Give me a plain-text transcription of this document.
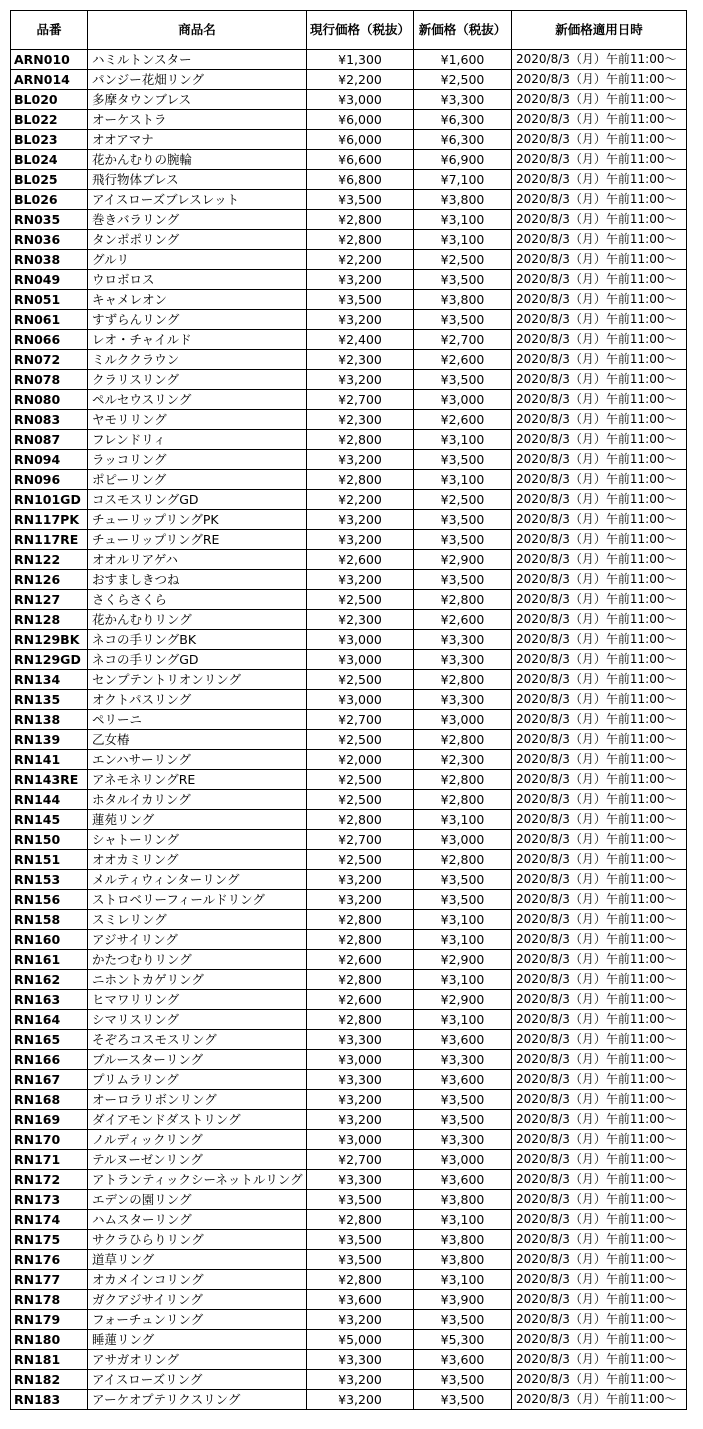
品番	商品名	現行価格（税抜）	新価格（税抜）	新価格適用日時
ARN010	ハミルトンスター	¥1,300	¥1,600	2020/8/3（月）午前11:00～
ARN014	パンジー花畑リング	¥2,200	¥2,500	2020/8/3（月）午前11:00～
BL020	多摩タウンブレス	¥3,000	¥3,300	2020/8/3（月）午前11:00～
BL022	オーケストラ	¥6,000	¥6,300	2020/8/3（月）午前11:00～
BL023	オオアマナ	¥6,000	¥6,300	2020/8/3（月）午前11:00～
BL024	花かんむりの腕輪	¥6,600	¥6,900	2020/8/3（月）午前11:00～
BL025	飛行物体ブレス	¥6,800	¥7,100	2020/8/3（月）午前11:00～
BL026	アイスローズブレスレット	¥3,500	¥3,800	2020/8/3（月）午前11:00～
RN035	巻きバラリング	¥2,800	¥3,100	2020/8/3（月）午前11:00～
RN036	タンポポリング	¥2,800	¥3,100	2020/8/3（月）午前11:00～
RN038	グルリ	¥2,200	¥2,500	2020/8/3（月）午前11:00～
RN049	ウロボロス	¥3,200	¥3,500	2020/8/3（月）午前11:00～
RN051	キャメレオン	¥3,500	¥3,800	2020/8/3（月）午前11:00～
RN061	すずらんリング	¥3,200	¥3,500	2020/8/3（月）午前11:00～
RN066	レオ・チャイルド	¥2,400	¥2,700	2020/8/3（月）午前11:00～
RN072	ミルククラウン	¥2,300	¥2,600	2020/8/3（月）午前11:00～
RN078	クラリスリング	¥3,200	¥3,500	2020/8/3（月）午前11:00～
RN080	ペルセウスリング	¥2,700	¥3,000	2020/8/3（月）午前11:00～
RN083	ヤモリリング	¥2,300	¥2,600	2020/8/3（月）午前11:00～
RN087	フレンドリィ	¥2,800	¥3,100	2020/8/3（月）午前11:00～
RN094	ラッコリング	¥3,200	¥3,500	2020/8/3（月）午前11:00～
RN096	ポピーリング	¥2,800	¥3,100	2020/8/3（月）午前11:00～
RN101GD	コスモスリングGD	¥2,200	¥2,500	2020/8/3（月）午前11:00～
RN117PK	チューリップリングPK	¥3,200	¥3,500	2020/8/3（月）午前11:00～
RN117RE	チューリップリングRE	¥3,200	¥3,500	2020/8/3（月）午前11:00～
RN122	オオルリアゲハ	¥2,600	¥2,900	2020/8/3（月）午前11:00～
RN126	おすましきつね	¥3,200	¥3,500	2020/8/3（月）午前11:00～
RN127	さくらさくら	¥2,500	¥2,800	2020/8/3（月）午前11:00～
RN128	花かんむりリング	¥2,300	¥2,600	2020/8/3（月）午前11:00～
RN129BK	ネコの手リングBK	¥3,000	¥3,300	2020/8/3（月）午前11:00～
RN129GD	ネコの手リングGD	¥3,000	¥3,300	2020/8/3（月）午前11:00～
RN134	センプテントリオンリング	¥2,500	¥2,800	2020/8/3（月）午前11:00～
RN135	オクトパスリング	¥3,000	¥3,300	2020/8/3（月）午前11:00～
RN138	ペリーニ	¥2,700	¥3,000	2020/8/3（月）午前11:00～
RN139	乙女椿	¥2,500	¥2,800	2020/8/3（月）午前11:00～
RN141	エンハサーリング	¥2,000	¥2,300	2020/8/3（月）午前11:00～
RN143RE	アネモネリングRE	¥2,500	¥2,800	2020/8/3（月）午前11:00～
RN144	ホタルイカリング	¥2,500	¥2,800	2020/8/3（月）午前11:00～
RN145	蓮苑リング	¥2,800	¥3,100	2020/8/3（月）午前11:00～
RN150	シャトーリング	¥2,700	¥3,000	2020/8/3（月）午前11:00～
RN151	オオカミリング	¥2,500	¥2,800	2020/8/3（月）午前11:00～
RN153	メルティウィンターリング	¥3,200	¥3,500	2020/8/3（月）午前11:00～
RN156	ストロベリーフィールドリング	¥3,200	¥3,500	2020/8/3（月）午前11:00～
RN158	スミレリング	¥2,800	¥3,100	2020/8/3（月）午前11:00～
RN160	アジサイリング	¥2,800	¥3,100	2020/8/3（月）午前11:00～
RN161	かたつむりリング	¥2,600	¥2,900	2020/8/3（月）午前11:00～
RN162	ニホントカゲリング	¥2,800	¥3,100	2020/8/3（月）午前11:00～
RN163	ヒマワリリング	¥2,600	¥2,900	2020/8/3（月）午前11:00～
RN164	シマリスリング	¥2,800	¥3,100	2020/8/3（月）午前11:00～
RN165	そぞろコスモスリング	¥3,300	¥3,600	2020/8/3（月）午前11:00～
RN166	ブルースターリング	¥3,000	¥3,300	2020/8/3（月）午前11:00～
RN167	プリムラリング	¥3,300	¥3,600	2020/8/3（月）午前11:00～
RN168	オーロラリボンリング	¥3,200	¥3,500	2020/8/3（月）午前11:00～
RN169	ダイアモンドダストリング	¥3,200	¥3,500	2020/8/3（月）午前11:00～
RN170	ノルディックリング	¥3,000	¥3,300	2020/8/3（月）午前11:00～
RN171	テルヌーゼンリング	¥2,700	¥3,000	2020/8/3（月）午前11:00～
RN172	アトランティックシーネットルリング	¥3,300	¥3,600	2020/8/3（月）午前11:00～
RN173	エデンの園リング	¥3,500	¥3,800	2020/8/3（月）午前11:00～
RN174	ハムスターリング	¥2,800	¥3,100	2020/8/3（月）午前11:00～
RN175	サクラひらりリング	¥3,500	¥3,800	2020/8/3（月）午前11:00～
RN176	道草リング	¥3,500	¥3,800	2020/8/3（月）午前11:00～
RN177	オカメインコリング	¥2,800	¥3,100	2020/8/3（月）午前11:00～
RN178	ガクアジサイリング	¥3,600	¥3,900	2020/8/3（月）午前11:00～
RN179	フォーチュンリング	¥3,200	¥3,500	2020/8/3（月）午前11:00～
RN180	睡蓮リング	¥5,000	¥5,300	2020/8/3（月）午前11:00～
RN181	アサガオリング	¥3,300	¥3,600	2020/8/3（月）午前11:00～
RN182	アイスローズリング	¥3,200	¥3,500	2020/8/3（月）午前11:00～
RN183	アーケオプテリクスリング	¥3,200	¥3,500	2020/8/3（月）午前11:00～
